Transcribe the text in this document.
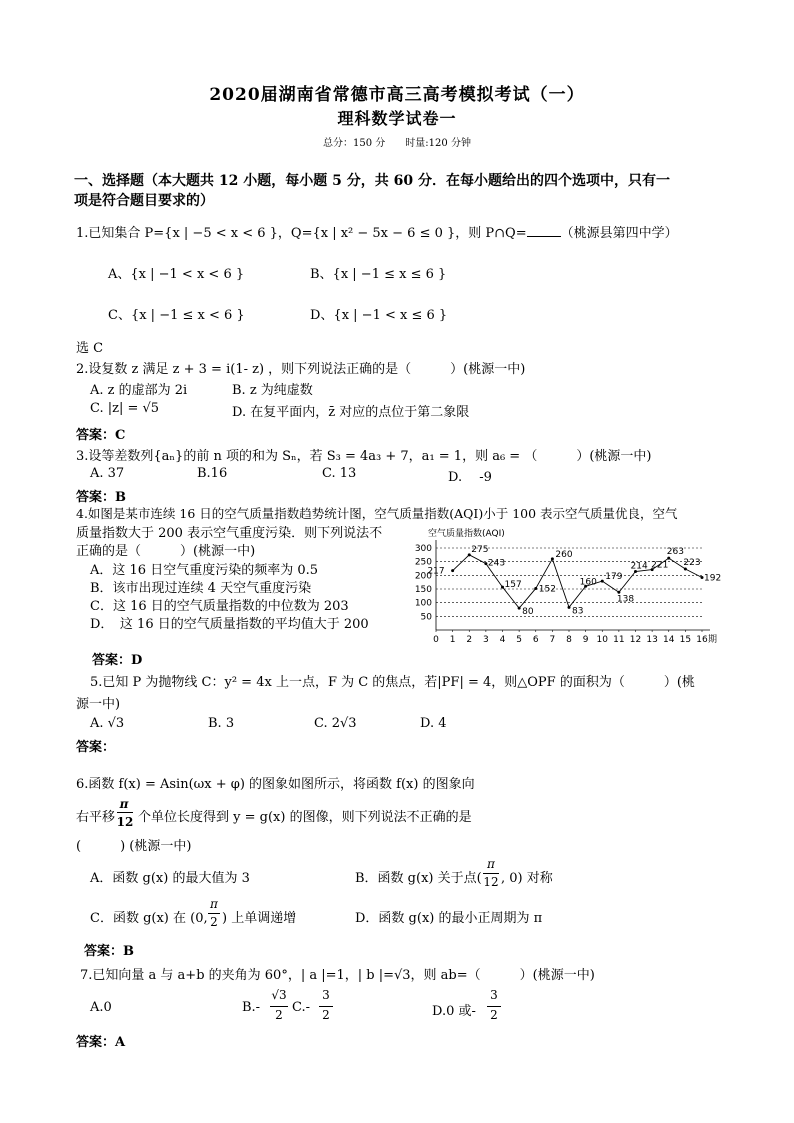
2020届湖南省常德市高三高考模拟考试（一）
理科数学试卷一
总分：150 分　　时量:120 分钟
一、选择题（本大题共 12 小题，每小题 5 分，共 60 分．在每小题给出的四个选项中，只有一
项是符合题目要求的）
1.已知集合 P={x | −5 < x < 6 }，Q={x | x² − 5x − 6 ≤ 0 }，则 P∩Q=	（桃源县第四中学）
A、{x | −1 < x < 6 }	B、{x | −1 ≤ x ≤ 6 }
C、{x | −1 ≤ x < 6 }	D、{x | −1 < x ≤ 6 }
选 C
2.设复数 z 满足 z + 3 = i(1- z) ，则下列说法正确的是（　　　）(桃源一中)
A. z 的虚部为 2i	B. z 为纯虚数
C. |z| = √5	D. 在复平面内，z̄ 对应的点位于第二象限
答案：C
3.设等差数列{aₙ}的前 n 项的和为 Sₙ，若 S₃ = 4a₃ + 7，a₁ = 1，则 a₆ = （　　　）(桃源一中)
A. 37	B.16	C. 13	D.　 -9
答案：B
4.如图是某市连续 16 日的空气质量指数趋势统计图，空气质量指数(AQI)小于 100 表示空气质量优良，空气
质量指数大于 200 表示空气重度污染．则下列说法不
正确的是（　　　）(桃源一中)
A．这 16 日空气重度污染的频率为 0.5
B．该市出现过连续 4 天空气重度污染
C．这 16 日的空气质量指数的中位数为 203
D．　这 16 日的空气质量指数的平均值大于 200
答案：D
空气质量指数(AQI)
50
100
150
200
250
300
0 1 2 3 4 5 6 7 8 9 10 11 12 13 14 15 16
217
275
243
157
80
152
260
83
160
179
138
214 221
263
223
192
期
5.已知 P 为抛物线 C：y² = 4x 上一点，F 为 C 的焦点，若|PF| = 4，则△OPF 的面积为（　　　）(桃
源一中)
A. √3	B. 3	C. 2√3	D. 4
答案：
6.函数 f(x) = Asin(ωx + φ) 的图象如图所示，将函数 f(x) 的图象向
右平移
π
12 个单位长度得到 y = g(x) 的图像，则下列说法不正确的是
(　　　) (桃源一中)
A．函数 g(x) 的最大值为 3	B．函数 g(x) 关于点(
π
12 , 0) 对称
C．函数 g(x) 在 (0,
π
2 ) 上单调递增	D．函数 g(x) 的最小正周期为 π
答案：B
7.已知向量 a 与 a+b 的夹角为 60°，| a |=1，| b |=√3，则 ab=（　　　）(桃源一中)
A.0	B.-
√3
2 C.-
3
2	D.0 或-
3
2
答案：A
